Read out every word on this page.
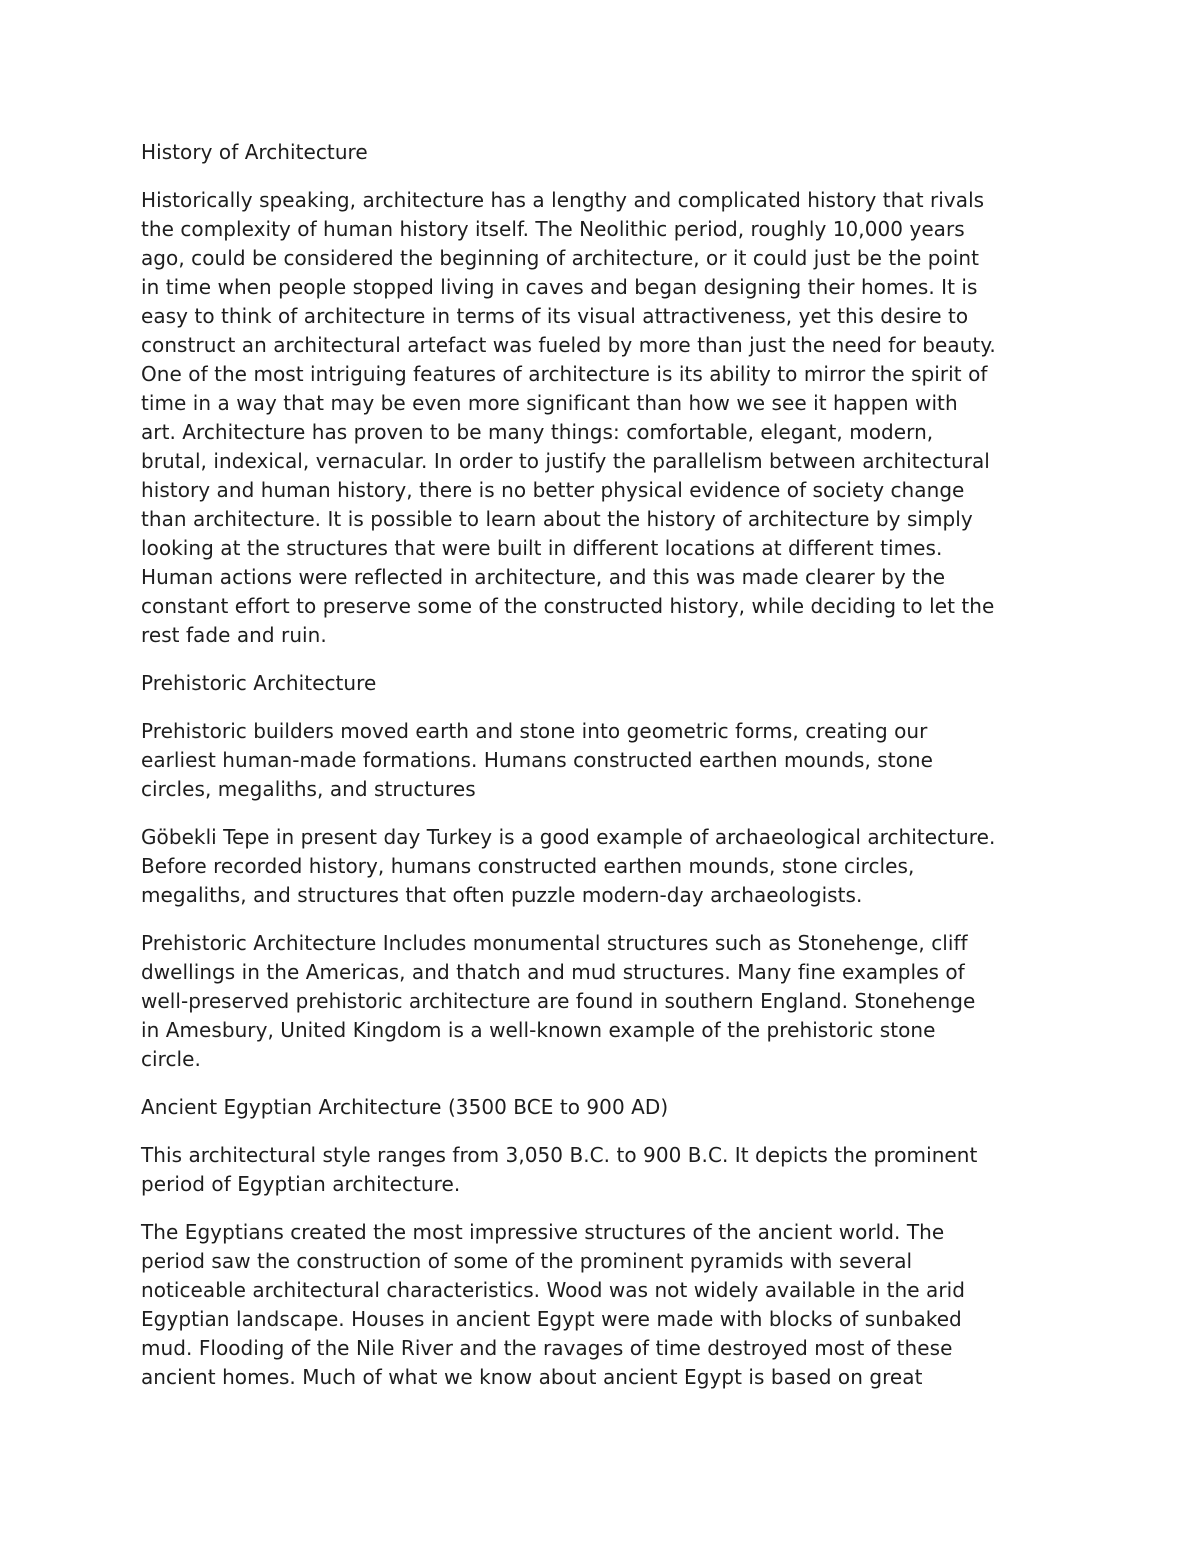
History of Architecture
Historically speaking, architecture has a lengthy and complicated history that rivals
the complexity of human history itself. The Neolithic period, roughly 10,000 years
ago, could be considered the beginning of architecture, or it could just be the point
in time when people stopped living in caves and began designing their homes. It is
easy to think of architecture in terms of its visual attractiveness, yet this desire to
construct an architectural artefact was fueled by more than just the need for beauty.
One of the most intriguing features of architecture is its ability to mirror the spirit of
time in a way that may be even more significant than how we see it happen with
art. Architecture has proven to be many things: comfortable, elegant, modern,
brutal, indexical, vernacular. In order to justify the parallelism between architectural
history and human history, there is no better physical evidence of society change
than architecture. It is possible to learn about the history of architecture by simply
looking at the structures that were built in different locations at different times.
Human actions were reflected in architecture, and this was made clearer by the
constant effort to preserve some of the constructed history, while deciding to let the
rest fade and ruin.
Prehistoric Architecture
Prehistoric builders moved earth and stone into geometric forms, creating our
earliest human-made formations. Humans constructed earthen mounds, stone
circles, megaliths, and structures
Göbekli Tepe in present day Turkey is a good example of archaeological architecture.
Before recorded history, humans constructed earthen mounds, stone circles,
megaliths, and structures that often puzzle modern-day archaeologists.
Prehistoric Architecture Includes monumental structures such as Stonehenge, cliff
dwellings in the Americas, and thatch and mud structures. Many fine examples of
well-preserved prehistoric architecture are found in southern England. Stonehenge
in Amesbury, United Kingdom is a well-known example of the prehistoric stone
circle.
Ancient Egyptian Architecture (3500 BCE to 900 AD)
This architectural style ranges from 3,050 B.C. to 900 B.C. It depicts the prominent
period of Egyptian architecture.
The Egyptians created the most impressive structures of the ancient world. The
period saw the construction of some of the prominent pyramids with several
noticeable architectural characteristics. Wood was not widely available in the arid
Egyptian landscape. Houses in ancient Egypt were made with blocks of sunbaked
mud. Flooding of the Nile River and the ravages of time destroyed most of these
ancient homes. Much of what we know about ancient Egypt is based on great
